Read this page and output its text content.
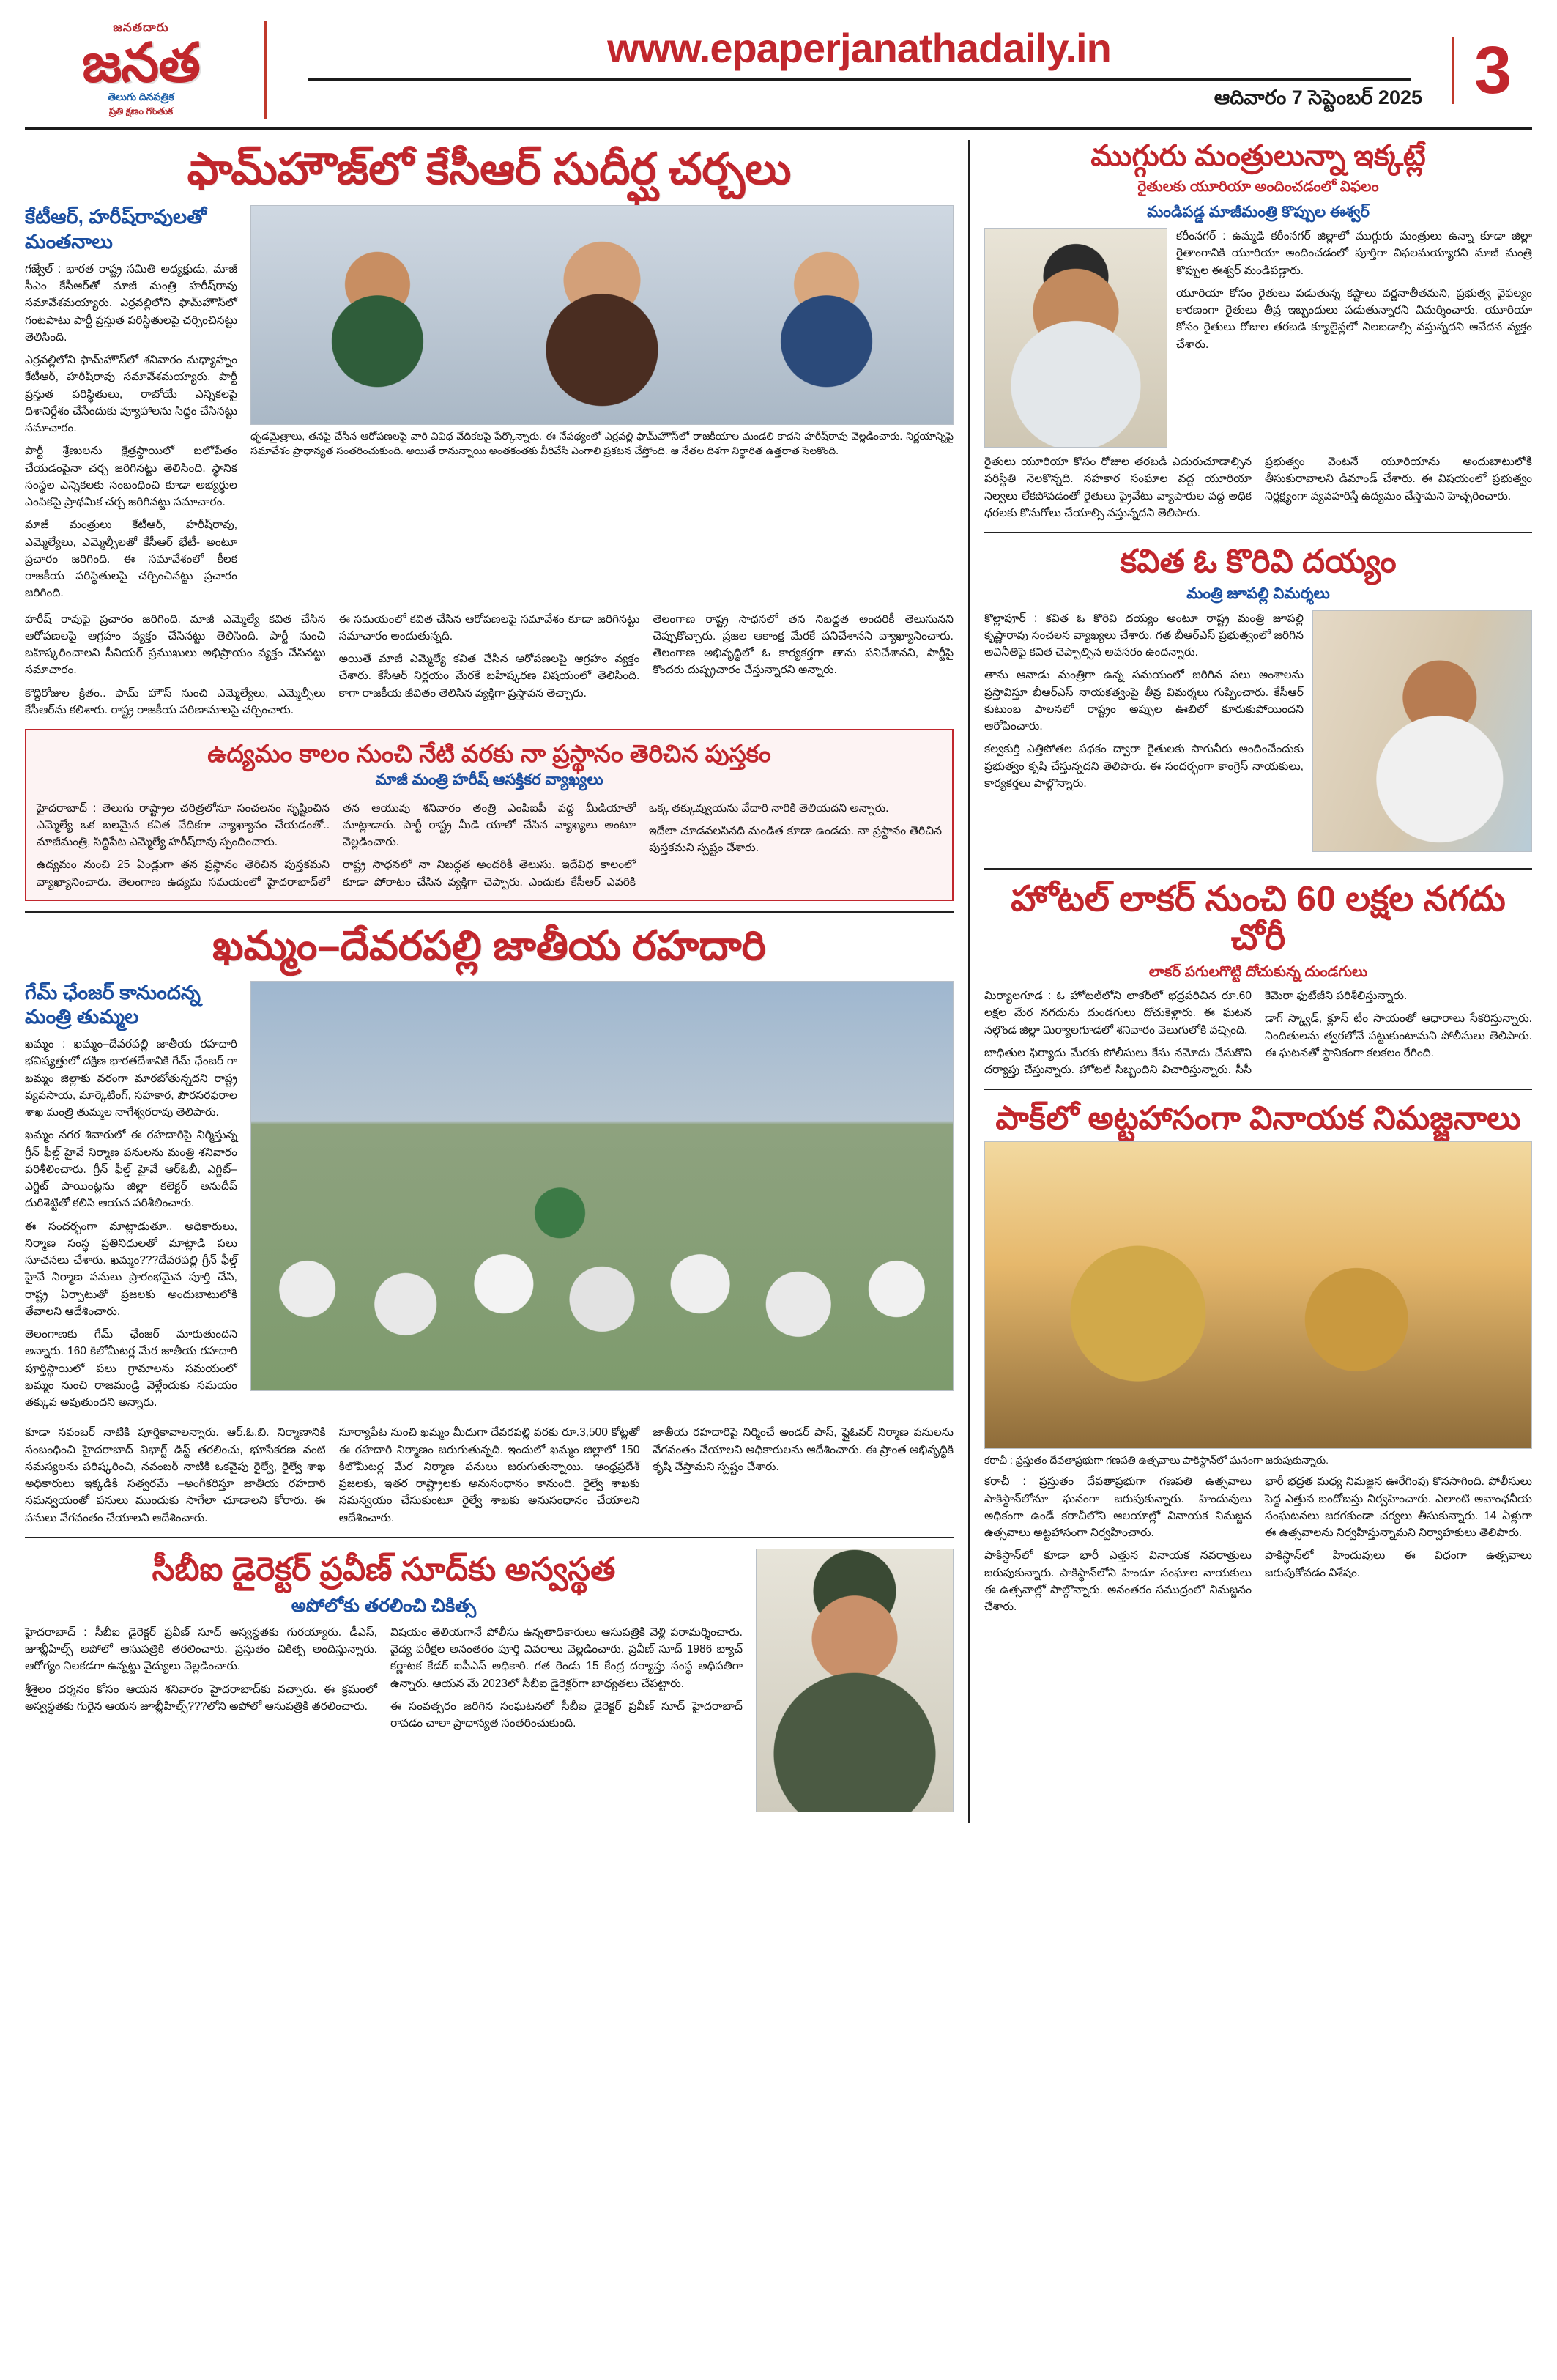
జనతదారు
జనత
తెలుగు దినపత్రిక
ప్రతి క్షణం గొంతుక
www.epaperjanathadaily.in
ఆదివారం 7 సెప్టెంబర్ 2025 3
ఫామ్‌హౌజ్‌లో కేసీఆర్ సుదీర్ఘ చర్చలు
కేటీఆర్, హరీష్‌రావులతో మంతనాలు

గజ్వేల్ : భారత రాష్ట్ర సమితి అధ్యక్షుడు, మాజీ సీఎం కేసీఆర్‌తో మాజీ మంత్రి హరీష్‌రావు సమావేశమయ్యారు. ఎర్రవల్లిలోని ఫామ్‌హౌస్‌లో గంటపాటు పార్టీ ప్రస్తుత పరిస్థితులపై చర్చించినట్టు తెలిసింది.

ఎర్రవల్లిలోని ఫామ్‌హౌస్‌లో శనివారం మధ్యాహ్నం కేటీఆర్, హరీష్‌రావు సమావేశమయ్యారు. పార్టీ ప్రస్తుత పరిస్థితులు, రాబోయే ఎన్నికలపై దిశానిర్దేశం చేసేందుకు వ్యూహాలను సిద్ధం చేసినట్టు సమాచారం.

పార్టీ శ్రేణులను క్షేత్రస్థాయిలో బలోపేతం చేయడంపైనా చర్చ జరిగినట్టు తెలిసింది. స్థానిక సంస్థల ఎన్నికలకు సంబంధించి కూడా అభ్యర్థుల ఎంపికపై ప్రాథమిక చర్చ జరిగినట్టు సమాచారం.

మాజీ మంత్రులు కేటీఆర్, హరీష్‌రావు, ఎమ్మెల్యేలు, ఎమ్మెల్సీలతో కేసీఆర్ భేటీ- అంటూ ప్రచారం జరిగింది. ఈ సమావేశంలో కీలక రాజకీయ పరిస్థితులపై చర్చించినట్టు ప్రచారం జరిగింది.

ధృడమైత్రాలు, తనపై చేసిన ఆరోపణలపై వారి వివిధ వేదికలపై పేర్కొన్నారు. ఈ నేపథ్యంలో ఎర్రవల్లి ఫామ్‌హౌస్‌లో రాజకీయాల మండలి కాదని హరీష్‌రావు వెల్లడించారు. నిర్ణయాన్నిపై సమావేశం ప్రాధాన్యత సంతరించుకుంది. అయితే రానున్నాయి అంతకంతకు వీరివేసి ఎంగాలి ప్రకటన చేస్తోంది. ఆ నేతల దిశగా నిర్ధారిత ఉత్తరాత సెలకొంది.

హరీష్ రావుపై ప్రచారం జరిగింది. మాజీ ఎమ్మెల్యే కవిత చేసిన ఆరోపణలపై ఆగ్రహం వ్యక్తం చేసినట్టు తెలిసింది. పార్టీ నుంచి బహిష్కరించాలని సీనియర్ ప్రముఖులు అభిప్రాయం వ్యక్తం చేసినట్టు సమాచారం.

కొద్దిరోజుల క్రితం.. ఫామ్ హౌస్ నుంచి ఎమ్మెల్యేలు, ఎమ్మెల్సీలు కేసీఆర్‌ను కలిశారు. రాష్ట్ర రాజకీయ పరిణామాలపై చర్చించారు.

ఈ సమయంలో కవిత చేసిన ఆరోపణలపై సమావేశం కూడా జరిగినట్టు సమాచారం అందుతున్నది.

అయితే మాజీ ఎమ్మెల్యే కవిత చేసిన ఆరోపణలపై ఆగ్రహం వ్యక్తం చేశారు. కేసీఆర్ నిర్ణయం మేరకే బహిష్కరణ విషయంలో తెలిసింది. కాగా రాజకీయ జీవితం తెలిసిన వ్యక్తిగా ప్రస్తావన తెచ్చారు.

తెలంగాణ రాష్ట్ర సాధనలో తన నిబద్ధత అందరికీ తెలుసునని చెప్పుకొచ్చారు. ప్రజల ఆకాంక్ష మేరకే పనిచేశానని వ్యాఖ్యానించారు. తెలంగాణ అభివృద్ధిలో ఓ కార్యకర్తగా తాను పనిచేశానని, పార్టీపై కొందరు దుష్ప్రచారం చేస్తున్నారని అన్నారు.

ఉద్యమం కాలం నుంచి నేటి వరకు నా ప్రస్థానం తెరిచిన పుస్తకం
మాజీ మంత్రి హరీష్ ఆసక్తికర వ్యాఖ్యలు

హైదరాబాద్ : తెలుగు రాష్ట్రాల చరిత్రలోనూ సంచలనం సృష్టించిన ఎమ్మెల్యే ఒక బలమైన కవిత వేదికగా వ్యాఖ్యానం చేయడంతో.. మాజీమంత్రి, సిద్ధిపేట ఎమ్మెల్యే హరీష్‌రావు స్పందించారు.

ఉద్యమం నుంచి 25 ఏండ్లుగా తన ప్రస్థానం తెరిచిన పుస్తకమని వ్యాఖ్యానించారు. తెలంగాణ ఉద్యమ సమయంలో హైదరాబాద్‌లో తన ఆయువు శనివారం తంత్రి ఎంపిఐపీ వద్ద మీడియాతో మాట్లాడారు. పార్టీ రాష్ట్ర మీడి యాలో చేసిన వ్యాఖ్యలు అంటూ వెల్లడించారు.

రాష్ట్ర సాధనలో నా నిబద్ధత అందరికీ తెలుసు. ఇదేవిధ కాలంలో కూడా పోరాటం చేసిన వ్యక్తిగా చెప్పారు. ఎందుకు కేసీఆర్ ఎవరికి ఒక్క తక్కువ్వుయను వేదారి నారికి తెలియదని అన్నారు.

ఇదేలా చూడవలసినది మండిత కూడా ఉండదు. నా ప్రస్థానం తెరిచిన పుస్తకమని స్పష్టం చేశారు.

ఖమ్మం–దేవరపల్లి జాతీయ రహదారి
గేమ్ ఛేంజర్ కానుందన్న మంత్రి తుమ్మల

ఖమ్మం : ఖమ్మం–దేవరపల్లి జాతీయ రహదారి భవిష్యత్తులో దక్షిణ భారతదేశానికి గేమ్ ఛేంజర్ గా ఖమ్మం జిల్లాకు వరంగా మారబోతున్నదని రాష్ట్ర వ్యవసాయ, మార్కెటింగ్, సహకార, పౌరసరఫరాల శాఖ మంత్రి తుమ్మల నాగేశ్వరరావు తెలిపారు.

ఖమ్మం నగర శివారులో ఈ రహదారిపై నిర్మిస్తున్న గ్రీన్ ఫీల్డ్ హైవే నిర్మాణ పనులను మంత్రి శనివారం పరిశీలించారు. గ్రీన్ ఫీల్డ్ హైవే ఆర్‌ఓబీ, ఎగ్జిట్– ఎగ్జిట్ పాయింట్లను జిల్లా కలెక్టర్ అనుదీప్ దురిశెట్టితో కలిసి ఆయన పరిశీలించారు.

ఈ సందర్భంగా మాట్లాడుతూ.. అధికారులు, నిర్మాణ సంస్థ ప్రతినిధులతో మాట్లాడి పలు సూచనలు చేశారు. ఖమ్మం???దేవరపల్లి గ్రీన్ ఫీల్డ్ హైవే నిర్మాణ పనులు ప్రారంభమైన పూర్తి చేసి, రాష్ట్ర ఏర్పాటుతో ప్రజలకు అందుబాటులోకి తేవాలని ఆదేశించారు.

తెలంగాణకు గేమ్ ఛేంజర్ మారుతుందని అన్నారు. 160 కిలోమీటర్ల మేర జాతీయ రహదారి పూర్తిస్థాయిలో పలు గ్రామాలను సమయంలో ఖమ్మం నుంచి రాజమండ్రి వెళ్లేందుకు సమయం తక్కువ అవుతుందని అన్నారు.

కూడా నవంబర్ నాటికి పూర్తికావాలన్నారు. ఆర్.ఓ.బి. నిర్మాణానికి సంబంధించి హైదరాబాద్ విభాగ్ట్ డిస్ట్ తరలించు, భూసేకరణ వంటి సమస్యలను పరిష్కరించి, నవంబర్ నాటికి ఒకవైపు రైల్వే, రైల్వే శాఖ అధికారులు ఇక్కడికి సత్వరమే –అంగీకరిస్తూ జాతీయ రహదారి సమన్వయంతో పనులు ముందుకు సాగేలా చూడాలని కోరారు. ఈ పనులు వేగవంతం చేయాలని ఆదేశించారు.

సూర్యాపేట నుంచి ఖమ్మం మీదుగా దేవరపల్లి వరకు రూ.3,500 కోట్లతో ఈ రహదారి నిర్మాణం జరుగుతున్నది. ఇందులో ఖమ్మం జిల్లాలో 150 కిలోమీటర్ల మేర నిర్మాణ పనులు జరుగుతున్నాయి. ఆంధ్రప్రదేశ్ ప్రజలకు, ఇతర రాష్ట్రాలకు అనుసంధానం కానుంది. రైల్వే శాఖకు సమన్వయం చేసుకుంటూ రైల్వే శాఖకు అనుసంధానం చేయాలని ఆదేశించారు.

జాతీయ రహదారిపై నిర్మించే అండర్ పాస్, ఫ్లైఓవర్ నిర్మాణ పనులను వేగవంతం చేయాలని అధికారులను ఆదేశించారు. ఈ ప్రాంత అభివృద్ధికి కృషి చేస్తామని స్పష్టం చేశారు.

సీబీఐ డైరెక్టర్ ప్రవీణ్ సూద్‌కు అస్వస్థత
అపోలోకు తరలించి చికిత్స

హైదరాబాద్ : సీబీఐ డైరెక్టర్ ప్రవీణ్ సూద్ అస్వస్థతకు గురయ్యారు. డీఎస్, జూబ్లీహిల్స్ అపోలో ఆసుపత్రికి తరలించారు. ప్రస్తుతం చికిత్స అందిస్తున్నారు. ఆరోగ్యం నిలకడగా ఉన్నట్టు వైద్యులు వెల్లడించారు.

శ్రీశైలం దర్శనం కోసం ఆయన శనివారం హైదరాబాద్‌కు వచ్చారు. ఈ క్రమంలో అస్వస్థతకు గురైన ఆయన జూబ్లీహిల్స్???లోని అపోలో ఆసుపత్రికి తరలించారు.

విషయం తెలియగానే పోలీసు ఉన్నతాధికారులు ఆసుపత్రికి వెళ్లి పరామర్శించారు. వైద్య పరీక్షల అనంతరం పూర్తి వివరాలు వెల్లడించారు. ప్రవీణ్ సూద్ 1986 బ్యాచ్ కర్ణాటక కేడర్ ఐపీఎస్ అధికారి. గత రెండు 15 కేంద్ర దర్యాప్తు సంస్థ అధిపతిగా ఉన్నారు. ఆయన మే 2023లో సీబీఐ డైరెక్టర్‌గా బాధ్యతలు చేపట్టారు.

ఈ సంవత్సరం జరిగిన సంఘటనలో సీబీఐ డైరెక్టర్ ప్రవీణ్ సూద్ హైదరాబాద్ రావడం చాలా ప్రాధాన్యత సంతరించుకుంది.

ముగ్గురు మంత్రులున్నా ఇక్కట్లే
రైతులకు యూరియా అందించడంలో విఫలం
మండిపడ్డ మాజీమంత్రి కొప్పుల ఈశ్వర్

కరీంనగర్ : ఉమ్మడి కరీంనగర్ జిల్లాలో ముగ్గురు మంత్రులు ఉన్నా కూడా జిల్లా రైతాంగానికి యూరియా అందించడంలో పూర్తిగా విఫలమయ్యారని మాజీ మంత్రి కొప్పుల ఈశ్వర్ మండిపడ్డారు.

యూరియా కోసం రైతులు పడుతున్న కష్టాలు వర్ణనాతీతమని, ప్రభుత్వ వైఫల్యం కారణంగా రైతులు తీవ్ర ఇబ్బందులు పడుతున్నారని విమర్శించారు. యూరియా కోసం రైతులు రోజుల తరబడి క్యూలైన్లలో నిలబడాల్సి వస్తున్నదని ఆవేదన వ్యక్తం చేశారు.

రైతులు యూరియా కోసం రోజుల తరబడి ఎదురుచూడాల్సిన పరిస్థితి నెలకొన్నది. సహకార సంఘాల వద్ద యూరియా నిల్వలు లేకపోవడంతో రైతులు ప్రైవేటు వ్యాపారుల వద్ద అధిక ధరలకు కొనుగోలు చేయాల్సి వస్తున్నదని తెలిపారు.

ప్రభుత్వం వెంటనే యూరియాను అందుబాటులోకి తీసుకురావాలని డిమాండ్ చేశారు. ఈ విషయంలో ప్రభుత్వం నిర్లక్ష్యంగా వ్యవహరిస్తే ఉద్యమం చేస్తామని హెచ్చరించారు.

కవిత ఓ కొరివి దయ్యం
మంత్రి జూపల్లి విమర్శలు

కొల్లాపూర్ : కవిత ఓ కొరివి దయ్యం అంటూ రాష్ట్ర మంత్రి జూపల్లి కృష్ణారావు సంచలన వ్యాఖ్యలు చేశారు. గత బీఆర్ఎస్ ప్రభుత్వంలో జరిగిన అవినీతిపై కవిత చెప్పాల్సిన అవసరం ఉందన్నారు.

తాను ఆనాడు మంత్రిగా ఉన్న సమయంలో జరిగిన పలు అంశాలను ప్రస్తావిస్తూ బీఆర్ఎస్ నాయకత్వంపై తీవ్ర విమర్శలు గుప్పించారు. కేసీఆర్ కుటుంబ పాలనలో రాష్ట్రం అప్పుల ఊబిలో కూరుకుపోయిందని ఆరోపించారు.

కల్వకుర్తి ఎత్తిపోతల పథకం ద్వారా రైతులకు సాగునీరు అందించేందుకు ప్రభుత్వం కృషి చేస్తున్నదని తెలిపారు. ఈ సందర్భంగా కాంగ్రెస్ నాయకులు, కార్యకర్తలు పాల్గొన్నారు.

హోటల్ లాకర్ నుంచి 60 లక్షల నగదు చోరీ
లాకర్ పగులగొట్టి దోచుకున్న దుండగులు

మిర్యాలగూడ : ఓ హోటల్‌లోని లాకర్‌లో భద్రపరిచిన రూ.60 లక్షల మేర నగదును దుండగులు దోచుకెళ్లారు. ఈ ఘటన నల్గొండ జిల్లా మిర్యాలగూడలో శనివారం వెలుగులోకి వచ్చింది.

బాధితుల ఫిర్యాదు మేరకు పోలీసులు కేసు నమోదు చేసుకొని దర్యాప్తు చేస్తున్నారు. హోటల్ సిబ్బందిని విచారిస్తున్నారు. సీసీ కెమెరా ఫుటేజీని పరిశీలిస్తున్నారు.

డాగ్ స్క్వాడ్, క్లూస్ టీం సాయంతో ఆధారాలు సేకరిస్తున్నారు. నిందితులను త్వరలోనే పట్టుకుంటామని పోలీసులు తెలిపారు. ఈ ఘటనతో స్థానికంగా కలకలం రేగింది.

పాక్‌లో అట్టహాసంగా వినాయక నిమజ్జనాలు

కరాచీ : ప్రస్తుతం దేవతాప్రభుగా గణపతి ఉత్సవాలు పాకిస్థాన్‌లో ఘనంగా జరుపుకున్నారు.

కరాచీ : ప్రస్తుతం దేవతాప్రభుగా గణపతి ఉత్సవాలు పాకిస్థాన్‌లోనూ ఘనంగా జరుపుకున్నారు. హిందువులు అధికంగా ఉండే కరాచీలోని ఆలయాల్లో వినాయక నిమజ్జన ఉత్సవాలు అట్టహాసంగా నిర్వహించారు.

పాకిస్థాన్‌లో కూడా భారీ ఎత్తున వినాయక నవరాత్రులు జరుపుకున్నారు. పాకిస్థాన్‌లోని హిందూ సంఘాల నాయకులు ఈ ఉత్సవాల్లో పాల్గొన్నారు. అనంతరం సముద్రంలో నిమజ్జనం చేశారు.

భారీ భద్రత మధ్య నిమజ్జన ఊరేగింపు కొనసాగింది. పోలీసులు పెద్ద ఎత్తున బందోబస్తు నిర్వహించారు. ఎలాంటి అవాంఛనీయ సంఘటనలు జరగకుండా చర్యలు తీసుకున్నారు. 14 ఏళ్లుగా ఈ ఉత్సవాలను నిర్వహిస్తున్నామని నిర్వాహకులు తెలిపారు.

పాకిస్థాన్‌లో హిందువులు ఈ విధంగా ఉత్సవాలు జరుపుకోవడం విశేషం.
